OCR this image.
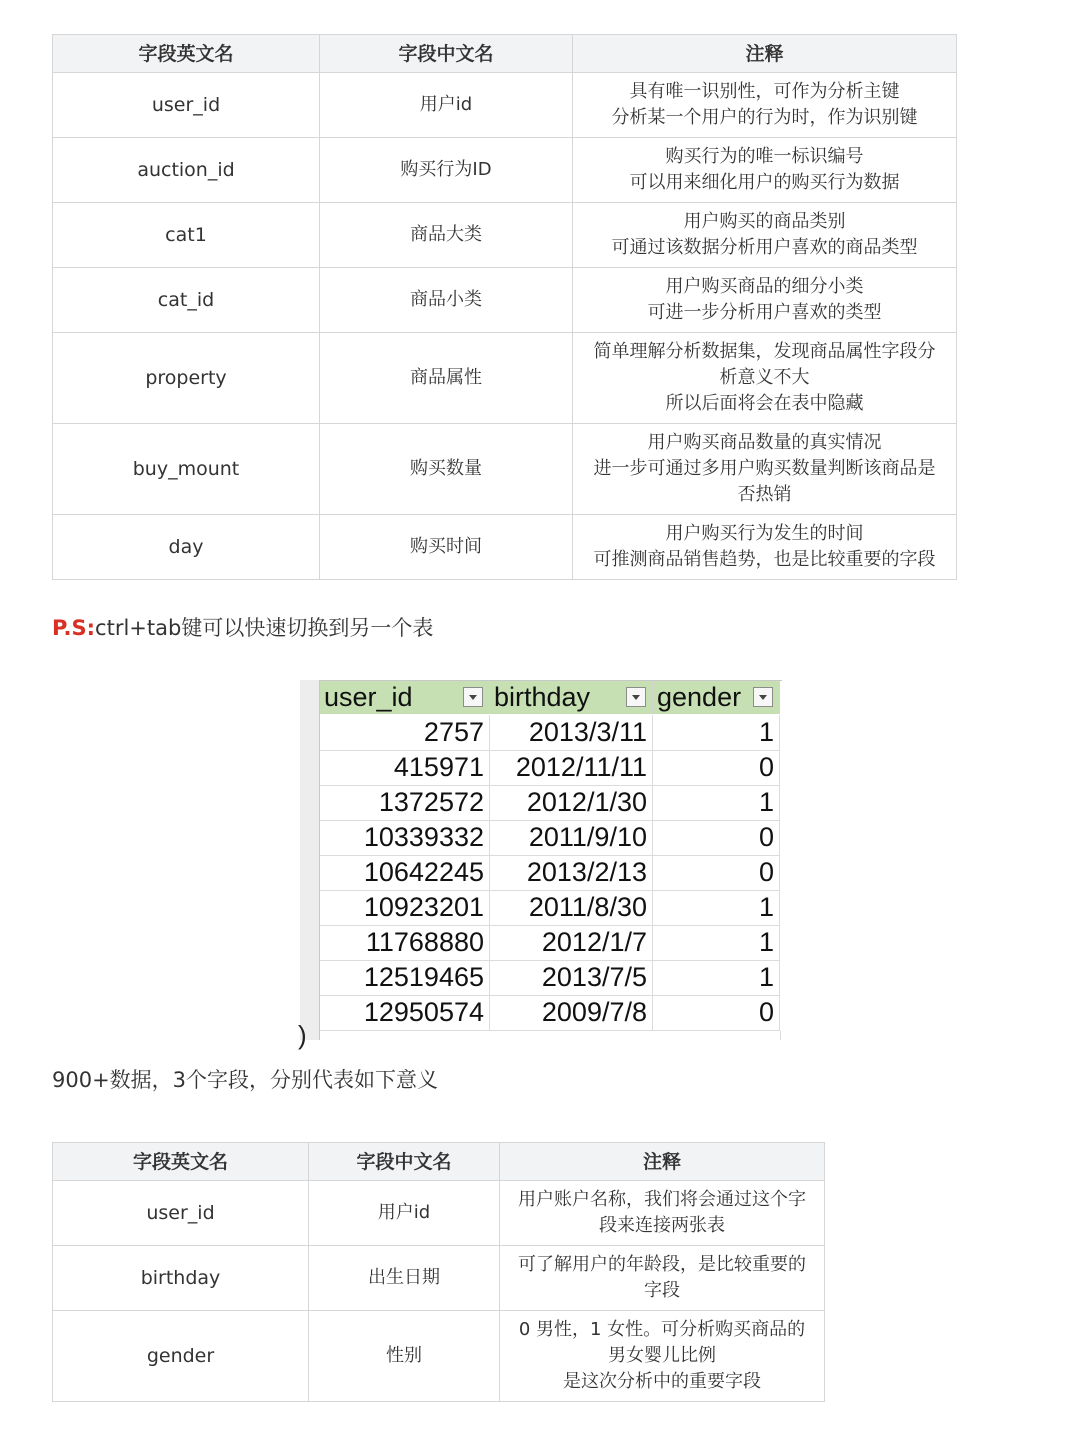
字段英文名	字段中文名	注释
user_id	用户id	具有唯一识别性，可作为分析主键
分析某一个用户的行为时，作为识别键

auction_id	购买行为ID	购买行为的唯一标识编号
可以用来细化用户的购买行为数据

cat1	商品大类	用户购买的商品类别
可通过该数据分析用户喜欢的商品类型

cat_id	商品小类	用户购买商品的细分小类
可进一步分析用户喜欢的类型

property	商品属性	简单理解分析数据集，发现商品属性字段分
析意义不大
所以后面将会在表中隐藏

buy_mount	购买数量	用户购买商品数量的真实情况
进一步可通过多用户购买数量判断该商品是
否热销

day	购买时间	用户购买行为发生的时间
可推测商品销售趋势，也是比较重要的字段
P.S:ctrl+tab键可以快速切换到另一个表
)
user_id	birthday	gender
2757	2013/3/11	1
415971	2012/11/11	0
1372572	2012/1/30	1
10339332	2011/9/10	0
10642245	2013/2/13	0
10923201	2011/8/30	1
11768880	2012/1/7	1
12519465	2013/7/5	1
12950574	2009/7/8	0
900+数据，3个字段，分别代表如下意义
字段英文名	字段中文名	注释
user_id	用户id	用户账户名称，我们将会通过这个字
段来连接两张表

birthday	出生日期	可了解用户的年龄段，是比较重要的
字段

gender	性别	0 男性，1 女性。可分析购买商品的
男女婴儿比例
是这次分析中的重要字段
